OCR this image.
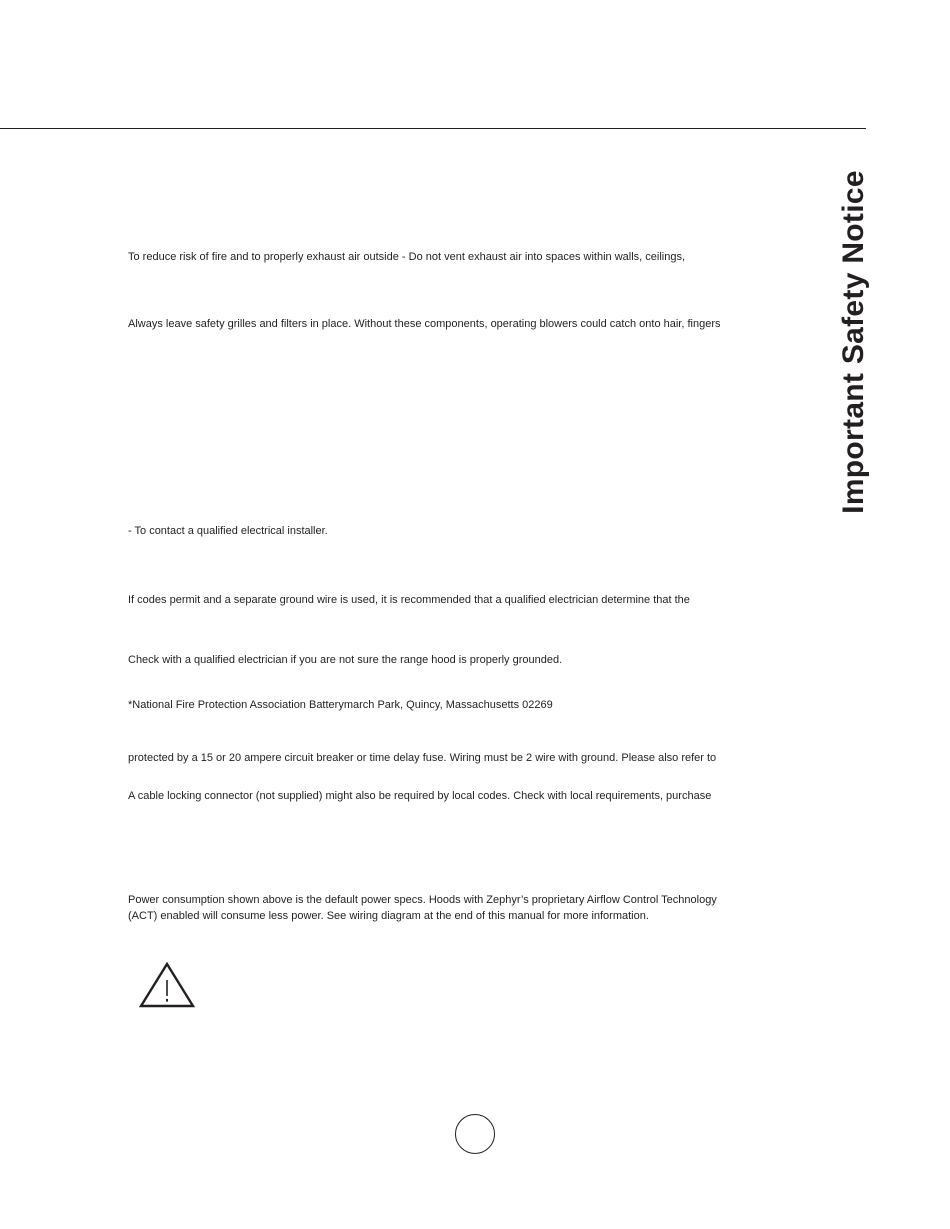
Important Safety Notice
To reduce risk of fire and to properly exhaust air outside - Do not vent exhaust air into spaces within walls, ceilings,
Always leave safety grilles and filters in place. Without these components, operating blowers could catch onto hair, fingers
- To contact a qualified electrical installer.
If codes permit and a separate ground wire is used, it is recommended that a qualified electrician determine that the
Check with a qualified electrician if you are not sure the range hood is properly grounded.
*National Fire Protection Association Batterymarch Park, Quincy, Massachusetts 02269
protected by a 15 or 20 ampere circuit breaker or time delay fuse. Wiring must be 2 wire with ground. Please also refer to
A cable locking connector (not supplied) might also be required by local codes. Check with local requirements, purchase
Power consumption shown above is the default power specs. Hoods with Zephyr’s proprietary Airflow Control Technology
(ACT) enabled will consume less power. See wiring diagram at the end of this manual for more information.
